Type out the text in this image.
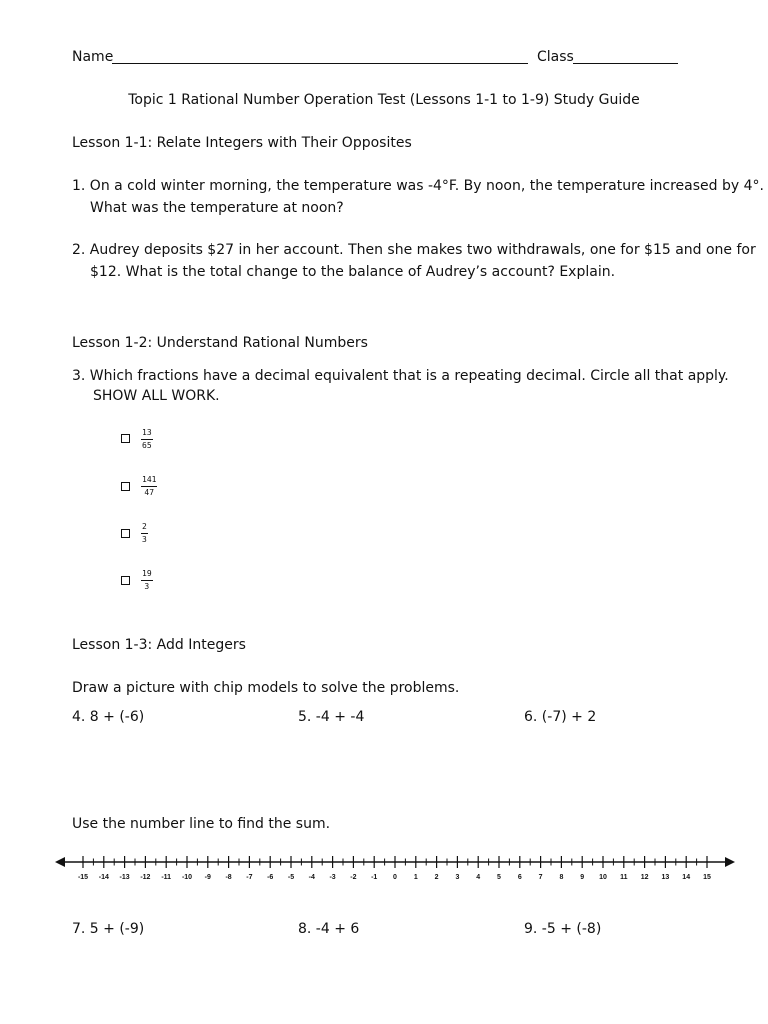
Name	Class
Topic 1 Rational Number Operation Test (Lessons 1-1 to 1-9) Study Guide
Lesson 1-1: Relate Integers with Their Opposites
1. On a cold winter morning, the temperature was -4°F. By noon, the temperature increased by 4°.
What was the temperature at noon?
2. Audrey deposits $27 in her account. Then she makes two withdrawals, one for $15 and one for
$12. What is the total change to the balance of Audrey’s account? Explain.
Lesson 1-2: Understand Rational Numbers
3. Which fractions have a decimal equivalent that is a repeating decimal. Circle all that apply.
SHOW ALL WORK.
$\frac{13}{65}$
$\frac{141}{47}$
$\frac{2}{3}$
$\frac{19}{3}$
Lesson 1-3: Add Integers
Draw a picture with chip models to solve the problems.
4. 8 + (-6)	5. -4 + -4	6. (-7) + 2
Use the number line to find the sum.
-15 -14 -13 -12 -11 -10 -9 -8 -7 -6 -5 -4 -3 -2 -1 0 1 2 3 4 5 6 7 8 9 10 11 12 13 14 15
7. 5 + (-9)	8. -4 + 6	9. -5 + (-8)
